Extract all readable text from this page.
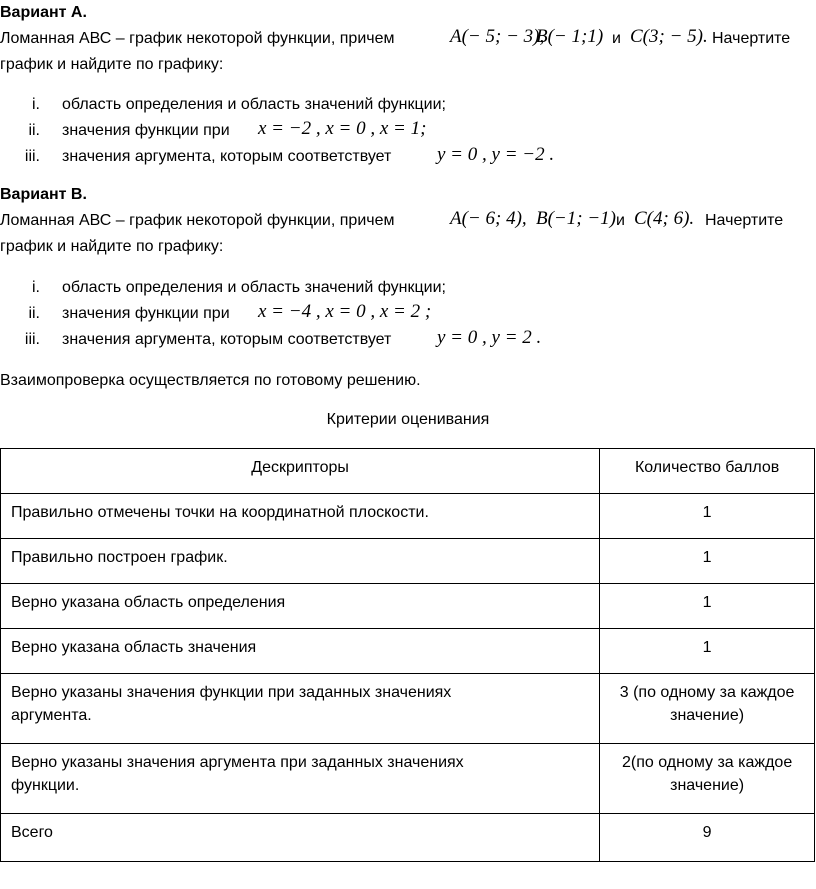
Вариант А.
Ломанная АВС – график некоторой функции, причем	A(− 5; − 3),
B(− 1;1) и C(3; − 5). Начертите
график и найдите по графику:
i. область определения и область значений функции;
ii. значения функции при x = −2 , x = 0 , x = 1;
iii. значения аргумента, которым соответствует y = 0 , y = −2 .
Вариант В.
Ломанная АВС – график некоторой функции, причем	A(− 6; 4), B(−1; −1) и C(4; 6). Начертите
график и найдите по графику:
i. область определения и область значений функции;
ii. значения функции при x = −4 , x = 0 , x = 2 ;
iii. значения аргумента, которым соответствует y = 0 , y = 2 .
Взаимопроверка осуществляется по готовому решению.
Критерии оценивания
Дескрипторы	Количество баллов
Правильно отмечены точки на координатной плоскости.	1
Правильно построен график.	1
Верно указана область определения	1
Верно указана область значения	1
Верно указаны значения функции при заданных значениях аргумента.	3 (по одному за каждое значение)
Верно указаны значения аргумента при заданных значениях функции.	2(по одному за каждое значение)
Всего	9
